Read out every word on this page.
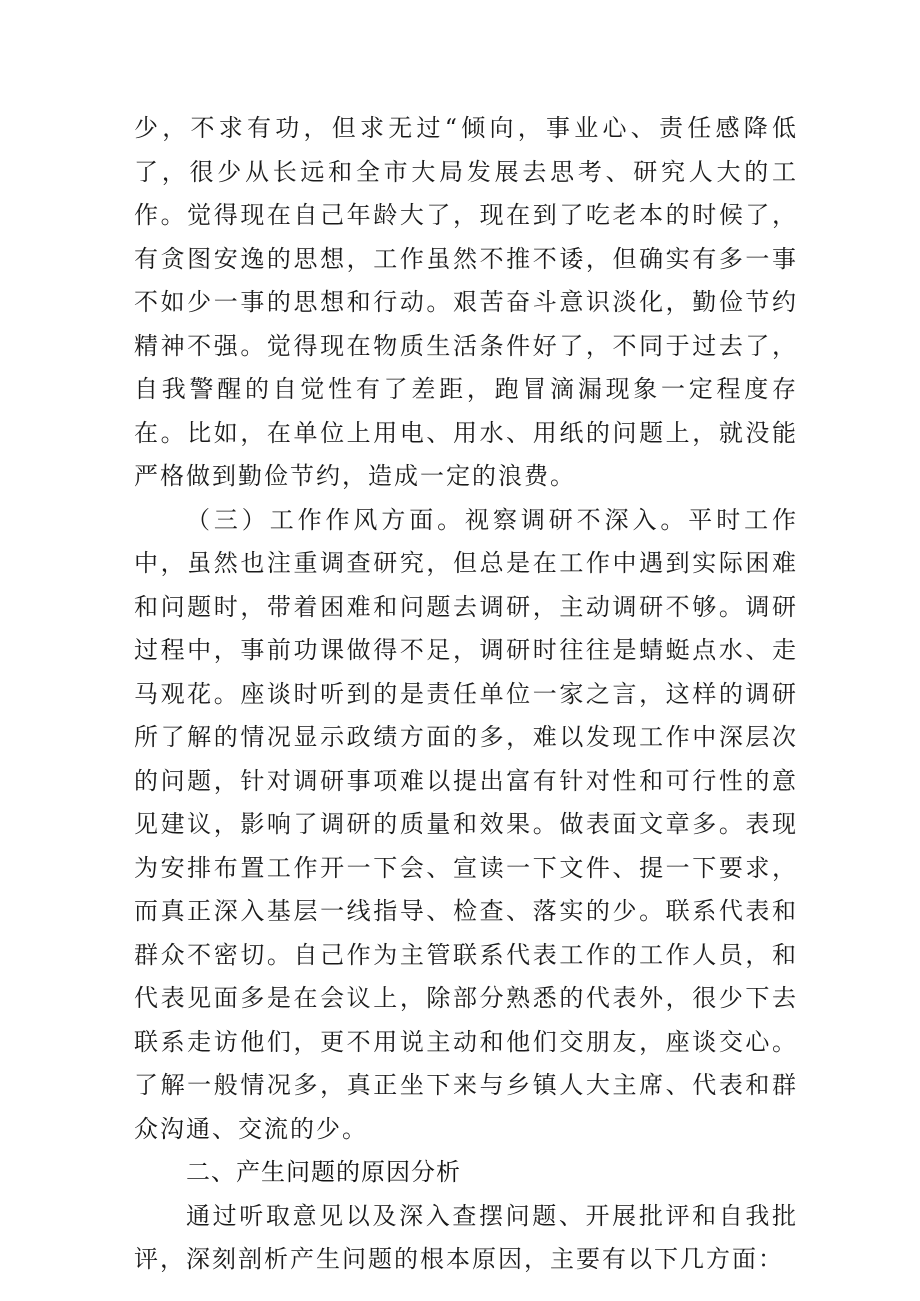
少，不求有功，但求无过“倾向，事业心、责任感降低了，很少从长远和全市大局发展去思考、研究人大的工作。觉得现在自己年龄大了，现在到了吃老本的时候了，有贪图安逸的思想，工作虽然不推不诿，但确实有多一事不如少一事的思想和行动。艰苦奋斗意识淡化，勤俭节约精神不强。觉得现在物质生活条件好了，不同于过去了，自我警醒的自觉性有了差距，跑冒滴漏现象一定程度存在。比如，在单位上用电、用水、用纸的问题上，就没能严格做到勤俭节约，造成一定的浪费。

（三）工作作风方面。视察调研不深入。平时工作中，虽然也注重调查研究，但总是在工作中遇到实际困难和问题时，带着困难和问题去调研，主动调研不够。调研过程中，事前功课做得不足，调研时往往是蜻蜓点水、走马观花。座谈时听到的是责任单位一家之言，这样的调研所了解的情况显示政绩方面的多，难以发现工作中深层次的问题，针对调研事项难以提出富有针对性和可行性的意见建议，影响了调研的质量和效果。做表面文章多。表现为安排布置工作开一下会、宣读一下文件、提一下要求，而真正深入基层一线指导、检查、落实的少。联系代表和群众不密切。自己作为主管联系代表工作的工作人员，和代表见面多是在会议上，除部分熟悉的代表外，很少下去联系走访他们，更不用说主动和他们交朋友，座谈交心。了解一般情况多，真正坐下来与乡镇人大主席、代表和群众沟通、交流的少。

二、产生问题的原因分析

通过听取意见以及深入查摆问题、开展批评和自我批评，深刻剖析产生问题的根本原因，主要有以下几方面：
